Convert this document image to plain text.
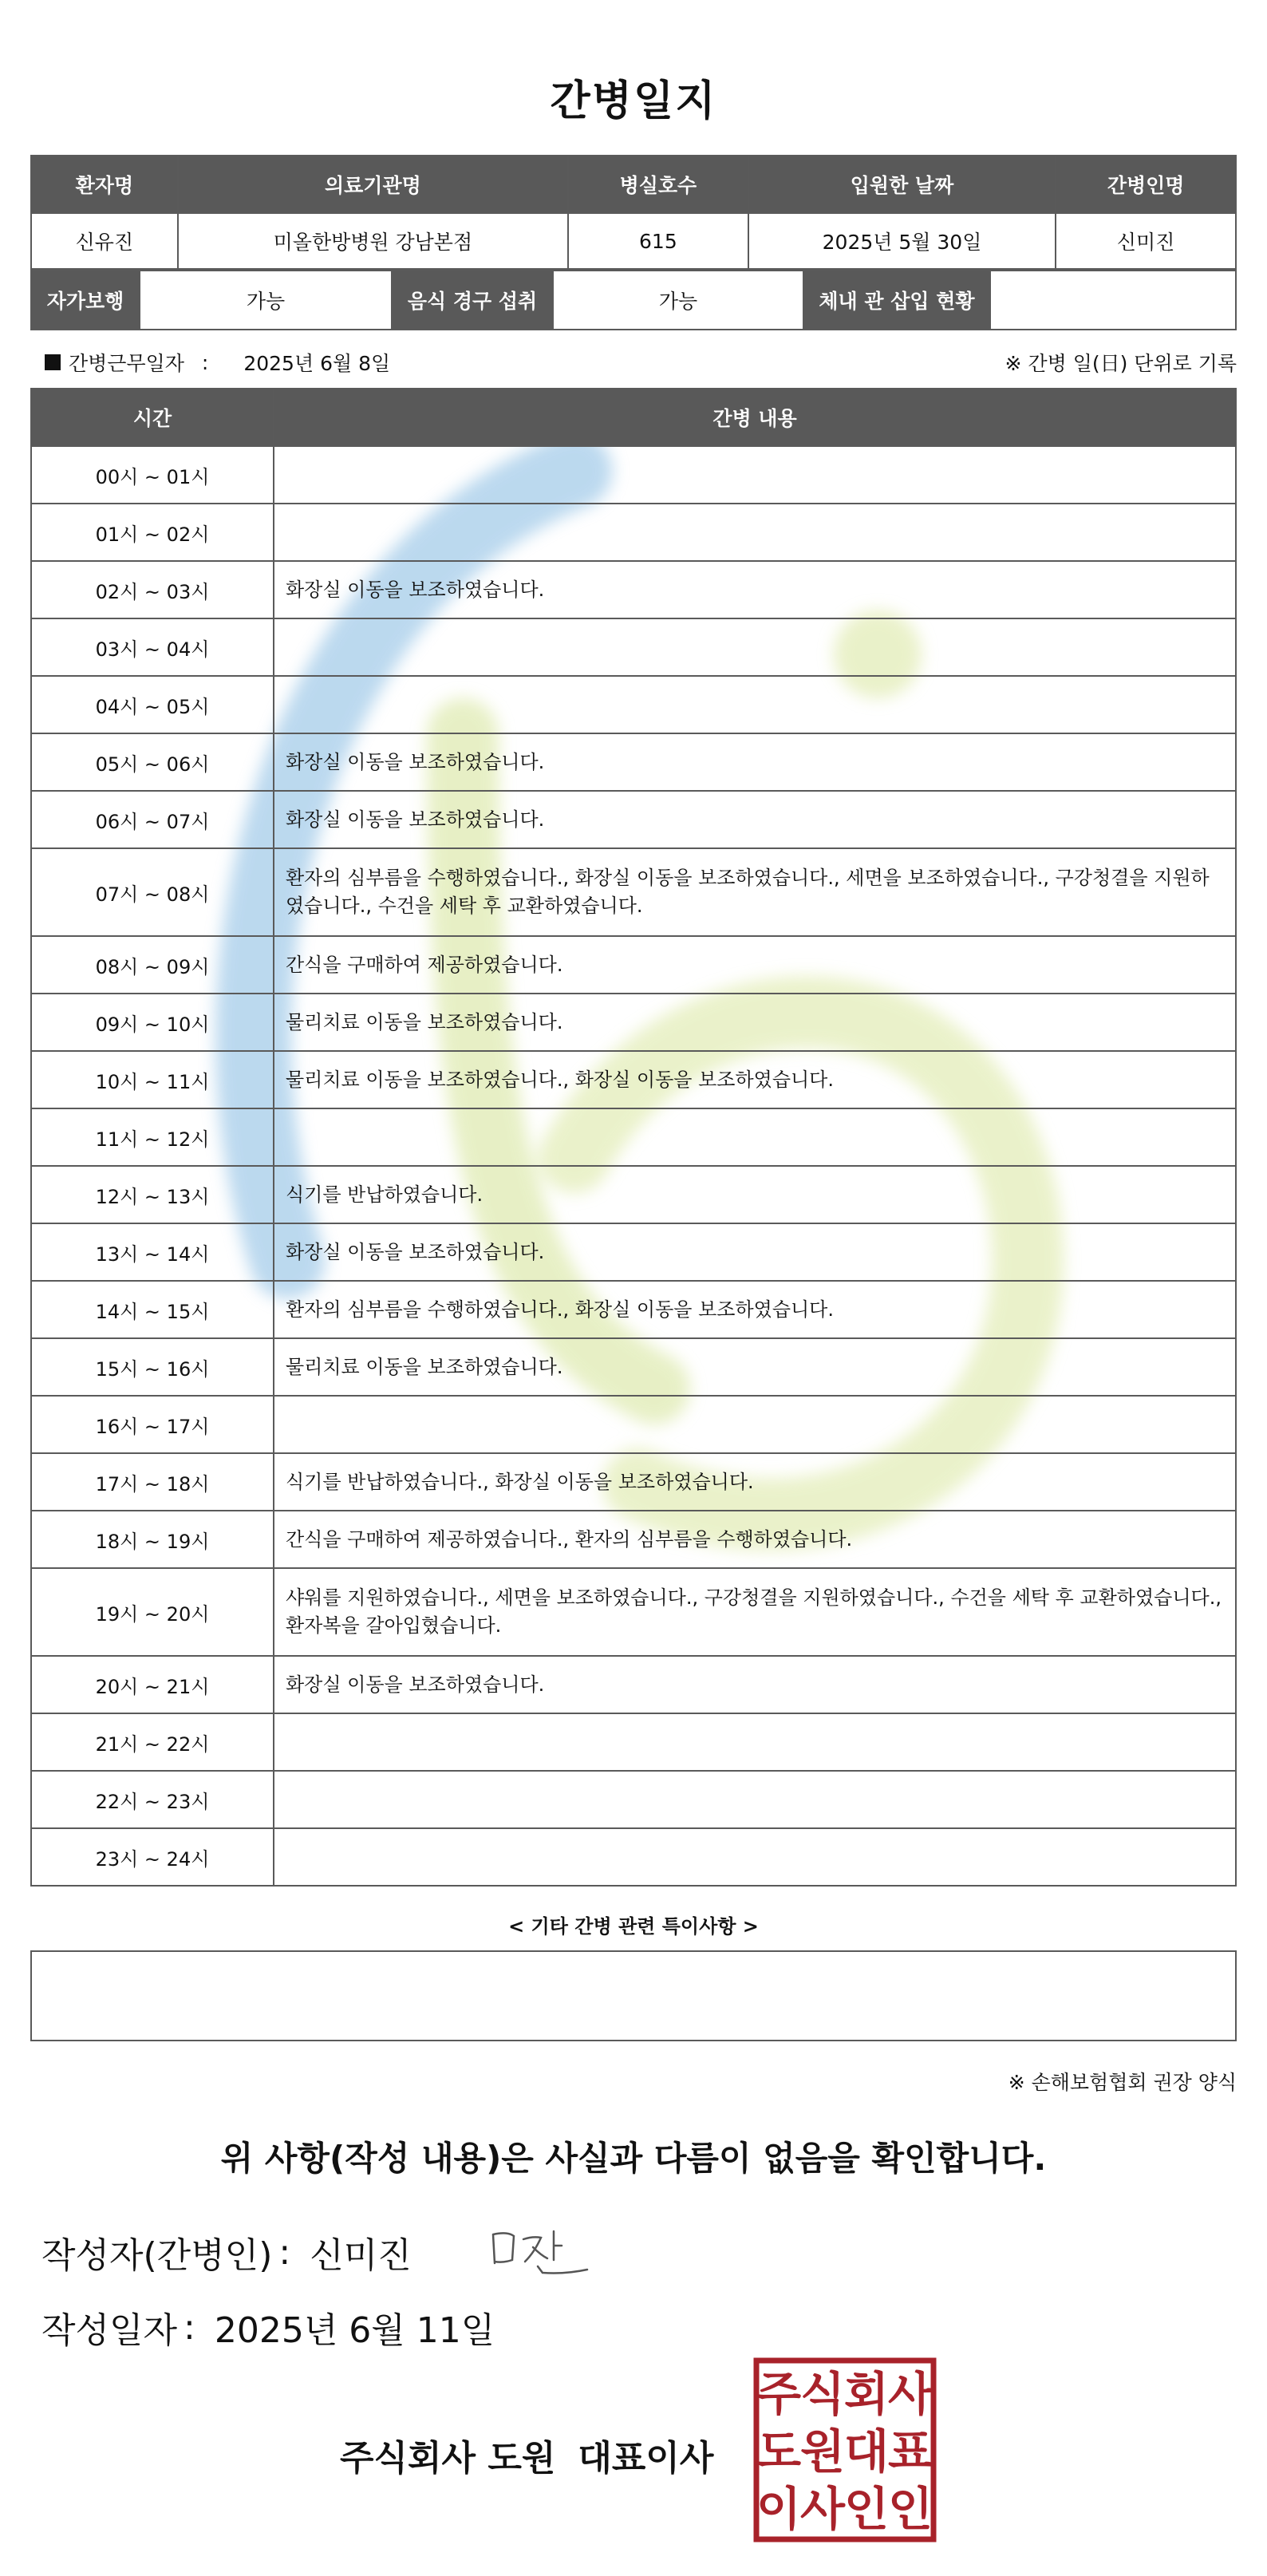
간병일지
환자명	의료기관명	병실호수	입원한 날짜	간병인명
신유진	미올한방병원 강남본점	615	2025년 5월 30일	신미진
자가보행	가능	음식 경구 섭취	가능	체내 관 삽입 현황
간병근무일자 : 2025년 6월 8일	※ 간병 일(日) 단위로 기록
시간	간병 내용
00시 ~ 01시	
01시 ~ 02시	
02시 ~ 03시	화장실 이동을 보조하였습니다.
03시 ~ 04시	
04시 ~ 05시	
05시 ~ 06시	화장실 이동을 보조하였습니다.
06시 ~ 07시	화장실 이동을 보조하였습니다.
07시 ~ 08시	환자의 심부름을 수행하였습니다., 화장실 이동을 보조하였습니다., 세면을 보조하였습니다., 구강청결을 지원하였습니다., 수건을 세탁 후 교환하였습니다.
08시 ~ 09시	간식을 구매하여 제공하였습니다.
09시 ~ 10시	물리치료 이동을 보조하였습니다.
10시 ~ 11시	물리치료 이동을 보조하였습니다., 화장실 이동을 보조하였습니다.
11시 ~ 12시	
12시 ~ 13시	식기를 반납하였습니다.
13시 ~ 14시	화장실 이동을 보조하였습니다.
14시 ~ 15시	환자의 심부름을 수행하였습니다., 화장실 이동을 보조하였습니다.
15시 ~ 16시	물리치료 이동을 보조하였습니다.
16시 ~ 17시	
17시 ~ 18시	식기를 반납하였습니다., 화장실 이동을 보조하였습니다.
18시 ~ 19시	간식을 구매하여 제공하였습니다., 환자의 심부름을 수행하였습니다.
19시 ~ 20시	샤워를 지원하였습니다., 세면을 보조하였습니다., 구강청결을 지원하였습니다., 수건을 세탁 후 교환하였습니다., 환자복을 갈아입혔습니다.
20시 ~ 21시	화장실 이동을 보조하였습니다.
21시 ~ 22시	
22시 ~ 23시	
23시 ~ 24시	
< 기타 간병 관련 특이사항 >
※ 손해보험협회 권장 양식
위 사항(작성 내용)은 사실과 다름이 없음을 확인합니다.
작성자(간병인) : 신미진
작성일자 : 2025년 6월 11일
주식회사 도원 대표이사
주
식
회
사
도
원
대
표
이
사
인
인
